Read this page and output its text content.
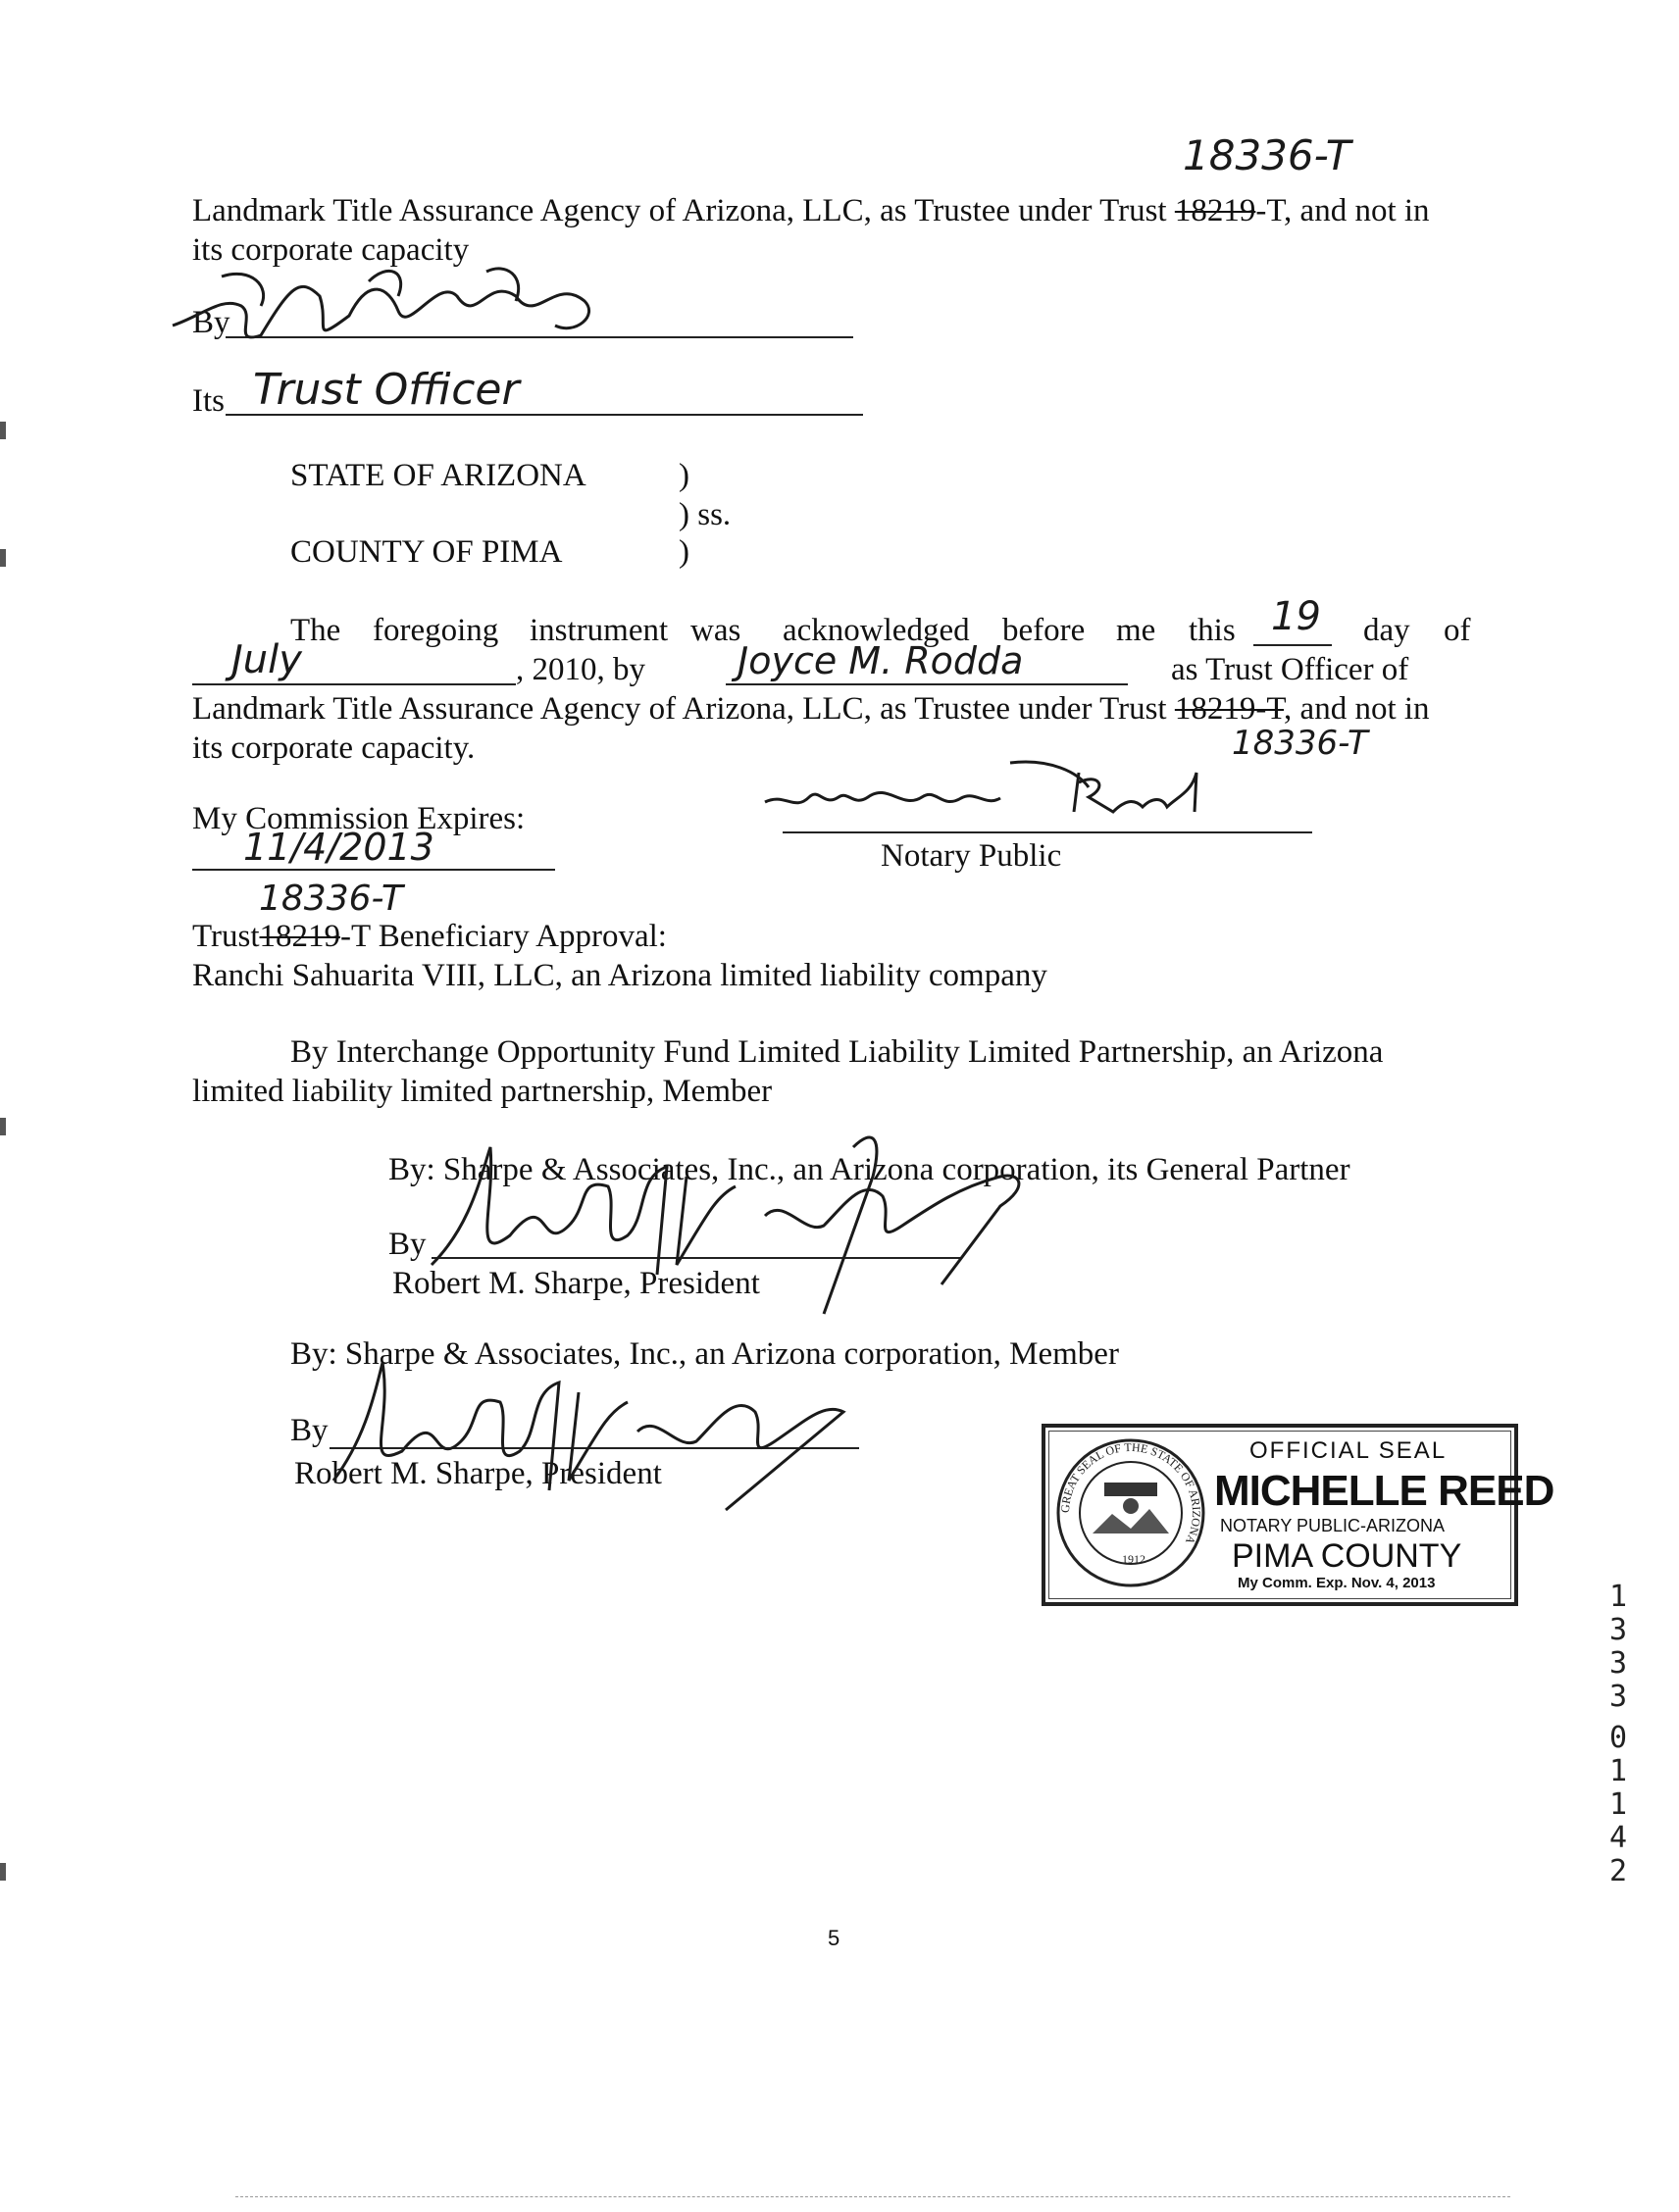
18336-T
Landmark Title Assurance Agency of Arizona, LLC, as Trustee under Trust 18219-T, and not in
its corporate capacity
By
Its Trust Officer
STATE OF ARIZONA	)
) ss.
COUNTY OF PIMA	)
The foregoing instrument was acknowledged before me this 19 day of
July	, 2010, by Joyce M. Rodda	as Trust Officer of
Landmark Title Assurance Agency of Arizona, LLC, as Trustee under Trust 18219-T, and not in
18336-T
its corporate capacity.
My Commission Expires:
11/4/2013	Notary Public
18336-T
Trust18219-T Beneficiary Approval:
Ranchi Sahuarita VIII, LLC, an Arizona limited liability company
By Interchange Opportunity Fund Limited Liability Limited Partnership, an Arizona
limited liability limited partnership, Member
By: Sharpe & Associates, Inc., an Arizona corporation, its General Partner
By
Robert M. Sharpe, President
By: Sharpe & Associates, Inc., an Arizona corporation, Member
By
Robert M. Sharpe, President
GREAT SEAL OF THE STATE OF ARIZONA
1912
OFFICIAL SEAL
MICHELLE REED
NOTARY PUBLIC-ARIZONA
PIMA COUNTY
My Comm. Exp. Nov. 4, 2013	1
3
3
3
0
1
1
4
2
5
